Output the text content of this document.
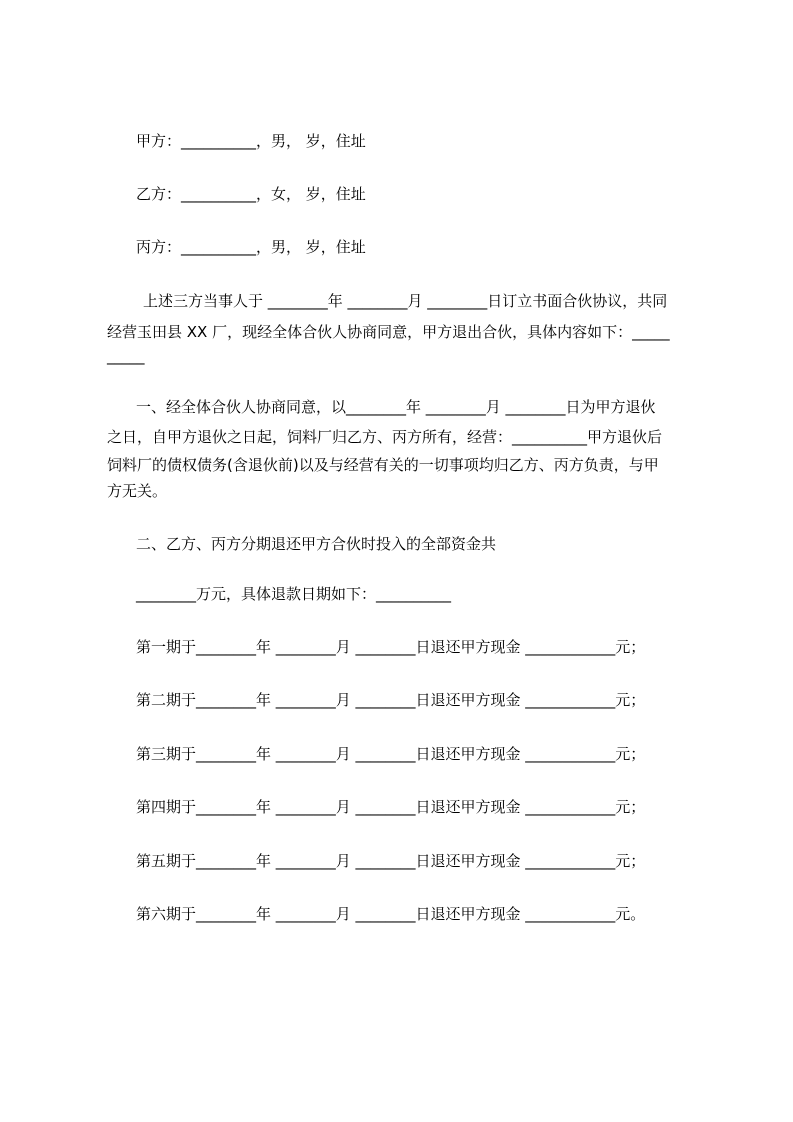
甲方：__________，男， 岁，住址
乙方：__________，女， 岁，住址
丙方：__________，男， 岁，住址
上述三方当事人于 ________年 ________月 ________日订立书面合伙协议，共同
经营玉田县 XX 厂，现经全体合伙人协商同意，甲方退出合伙，具体内容如下：_____
_____
一、经全体合伙人协商同意，以________年 ________月 ________日为甲方退伙
之日，自甲方退伙之日起，饲料厂归乙方、丙方所有，经营：__________甲方退伙后
饲料厂的债权债务(含退伙前)以及与经营有关的一切事项均归乙方、丙方负责，与甲
方无关。
二、乙方、丙方分期退还甲方合伙时投入的全部资金共
________万元，具体退款日期如下：__________
第一期于________年 ________月 ________日退还甲方现金 ____________元；
第二期于________年 ________月 ________日退还甲方现金 ____________元；
第三期于________年 ________月 ________日退还甲方现金 ____________元；
第四期于________年 ________月 ________日退还甲方现金 ____________元；
第五期于________年 ________月 ________日退还甲方现金 ____________元；
第六期于________年 ________月 ________日退还甲方现金 ____________元。
